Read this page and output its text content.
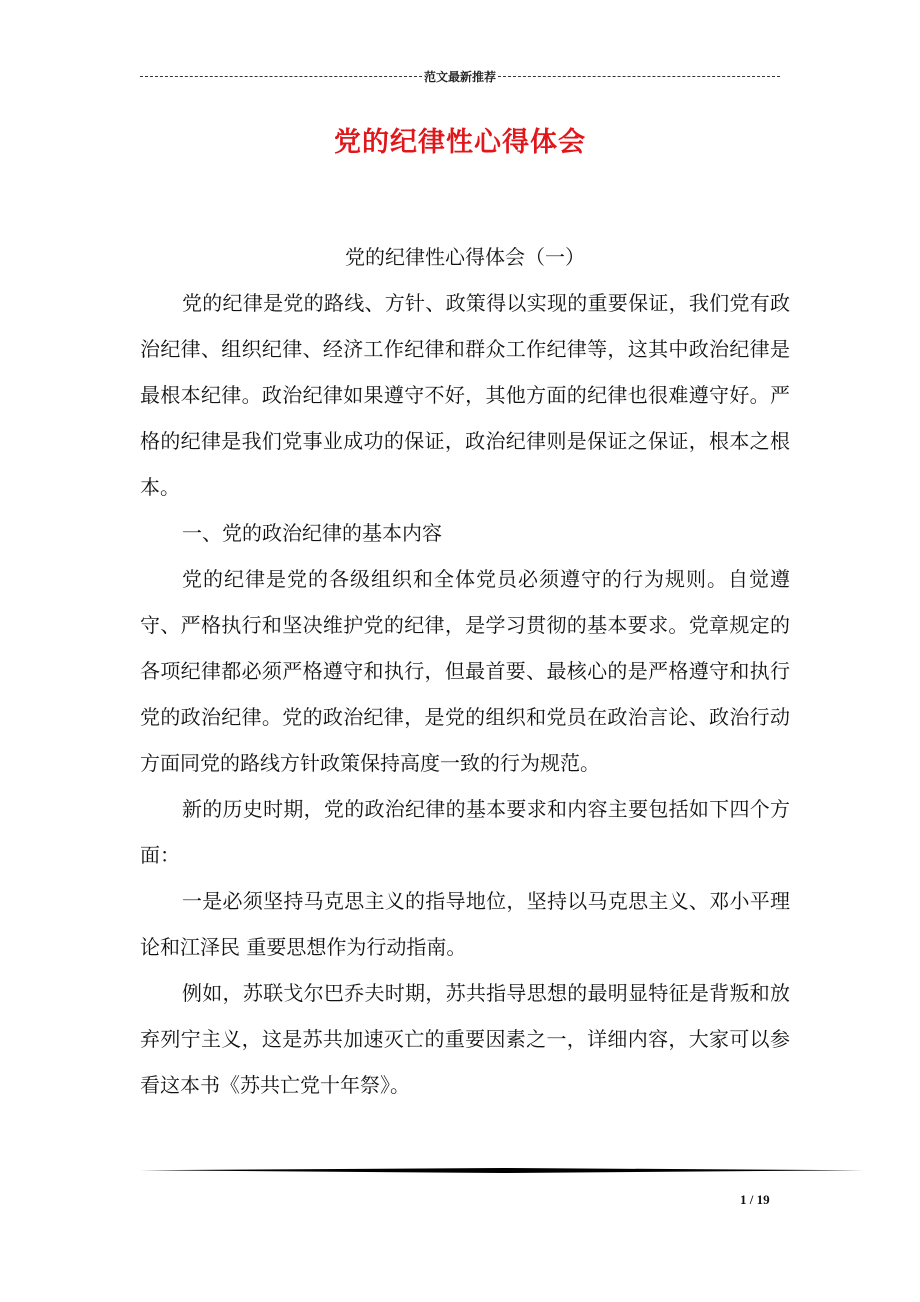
范文最新推荐
党的纪律性心得体会

党的纪律性心得体会（一）

党的纪律是党的路线、方针、政策得以实现的重要保证，我们党有政治纪律、组织纪律、经济工作纪律和群众工作纪律等，这其中政治纪律是最根本纪律。政治纪律如果遵守不好，其他方面的纪律也很难遵守好。严格的纪律是我们党事业成功的保证，政治纪律则是保证之保证，根本之根本。

一、党的政治纪律的基本内容

党的纪律是党的各级组织和全体党员必须遵守的行为规则。自觉遵守、严格执行和坚决维护党的纪律，是学习贯彻的基本要求。党章规定的各项纪律都必须严格遵守和执行，但最首要、最核心的是严格遵守和执行党的政治纪律。党的政治纪律，是党的组织和党员在政治言论、政治行动方面同党的路线方针政策保持高度一致的行为规范。

新的历史时期，党的政治纪律的基本要求和内容主要包括如下四个方面：

一是必须坚持马克思主义的指导地位，坚持以马克思主义、邓小平理论和江泽民 重要思想作为行动指南。

例如，苏联戈尔巴乔夫时期，苏共指导思想的最明显特征是背叛和放弃列宁主义，这是苏共加速灭亡的重要因素之一，详细内容，大家可以参看这本书《苏共亡党十年祭》。

1 / 19
